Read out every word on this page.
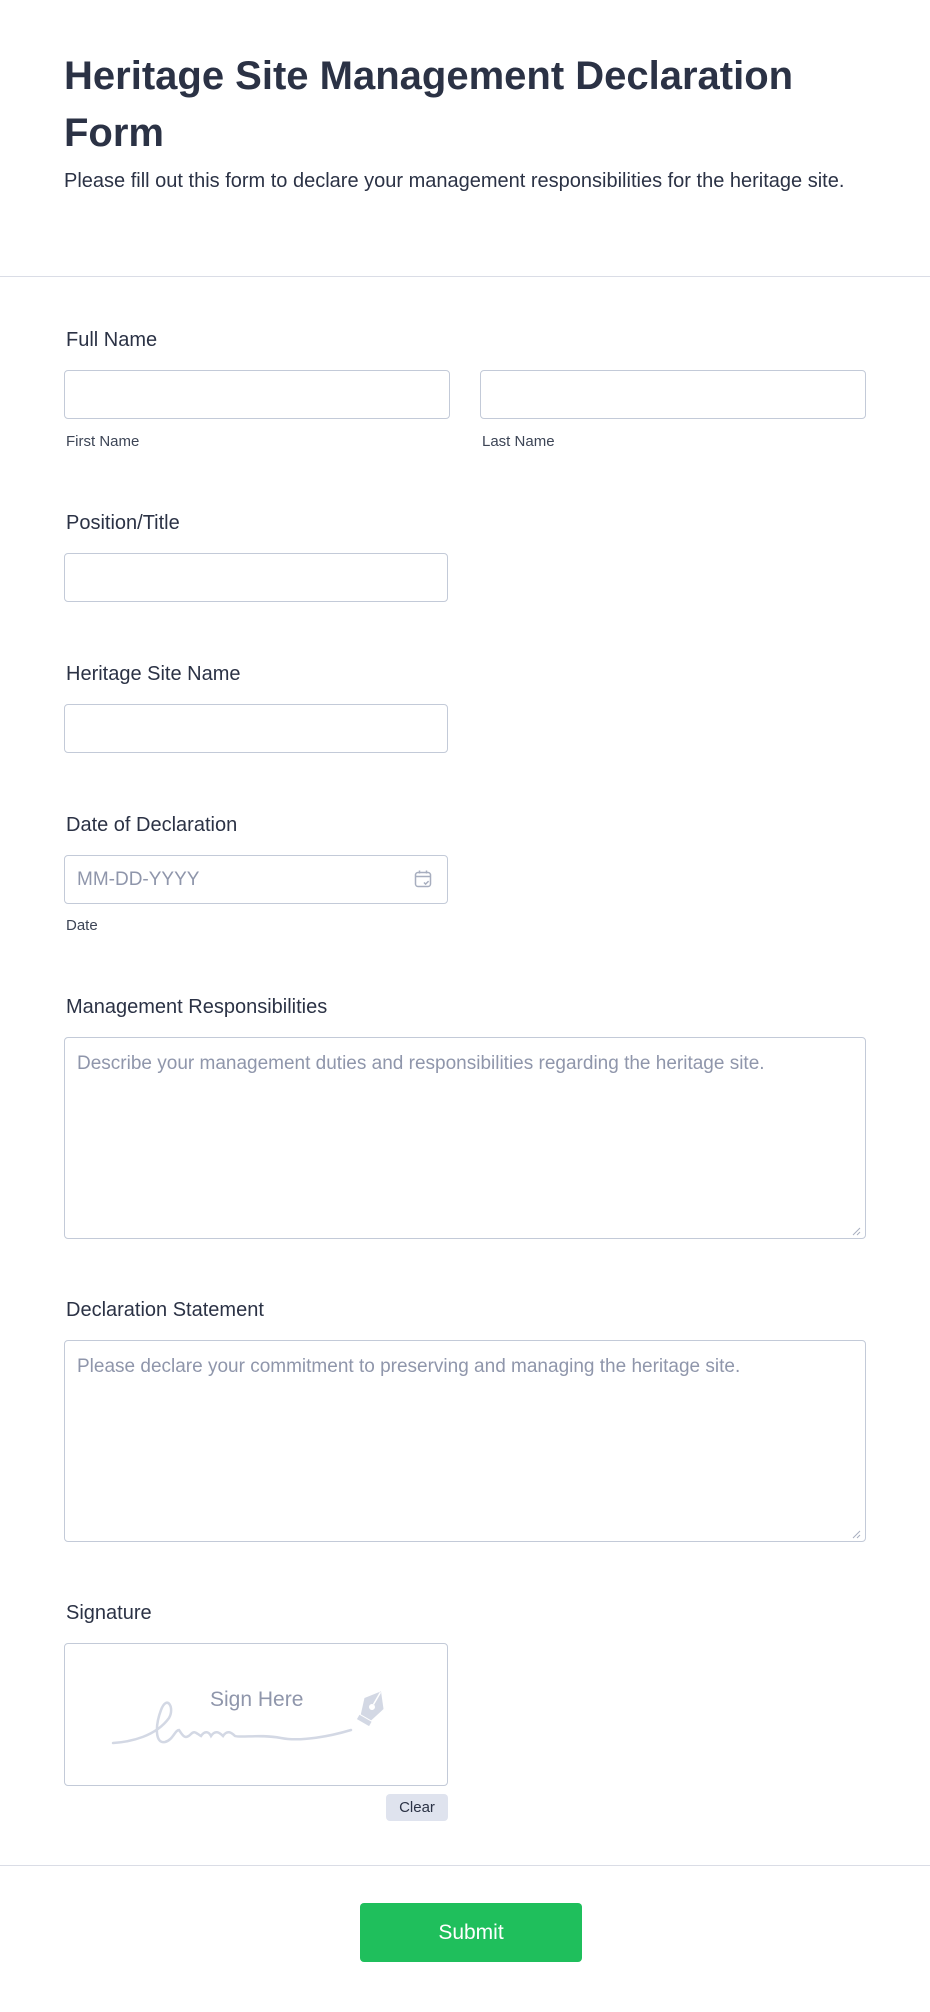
Heritage Site Management Declaration Form

Please fill out this form to declare your management responsibilities for the heritage site.

Full Name
First Name	Last Name
Position/Title
Heritage Site Name
Date of Declaration
MM-DD-YYYY
Date
Management Responsibilities
Describe your management duties and responsibilities regarding the heritage site.
Declaration Statement
Please declare your commitment to preserving and managing the heritage site.
Signature
Sign Here
Clear
Submit
